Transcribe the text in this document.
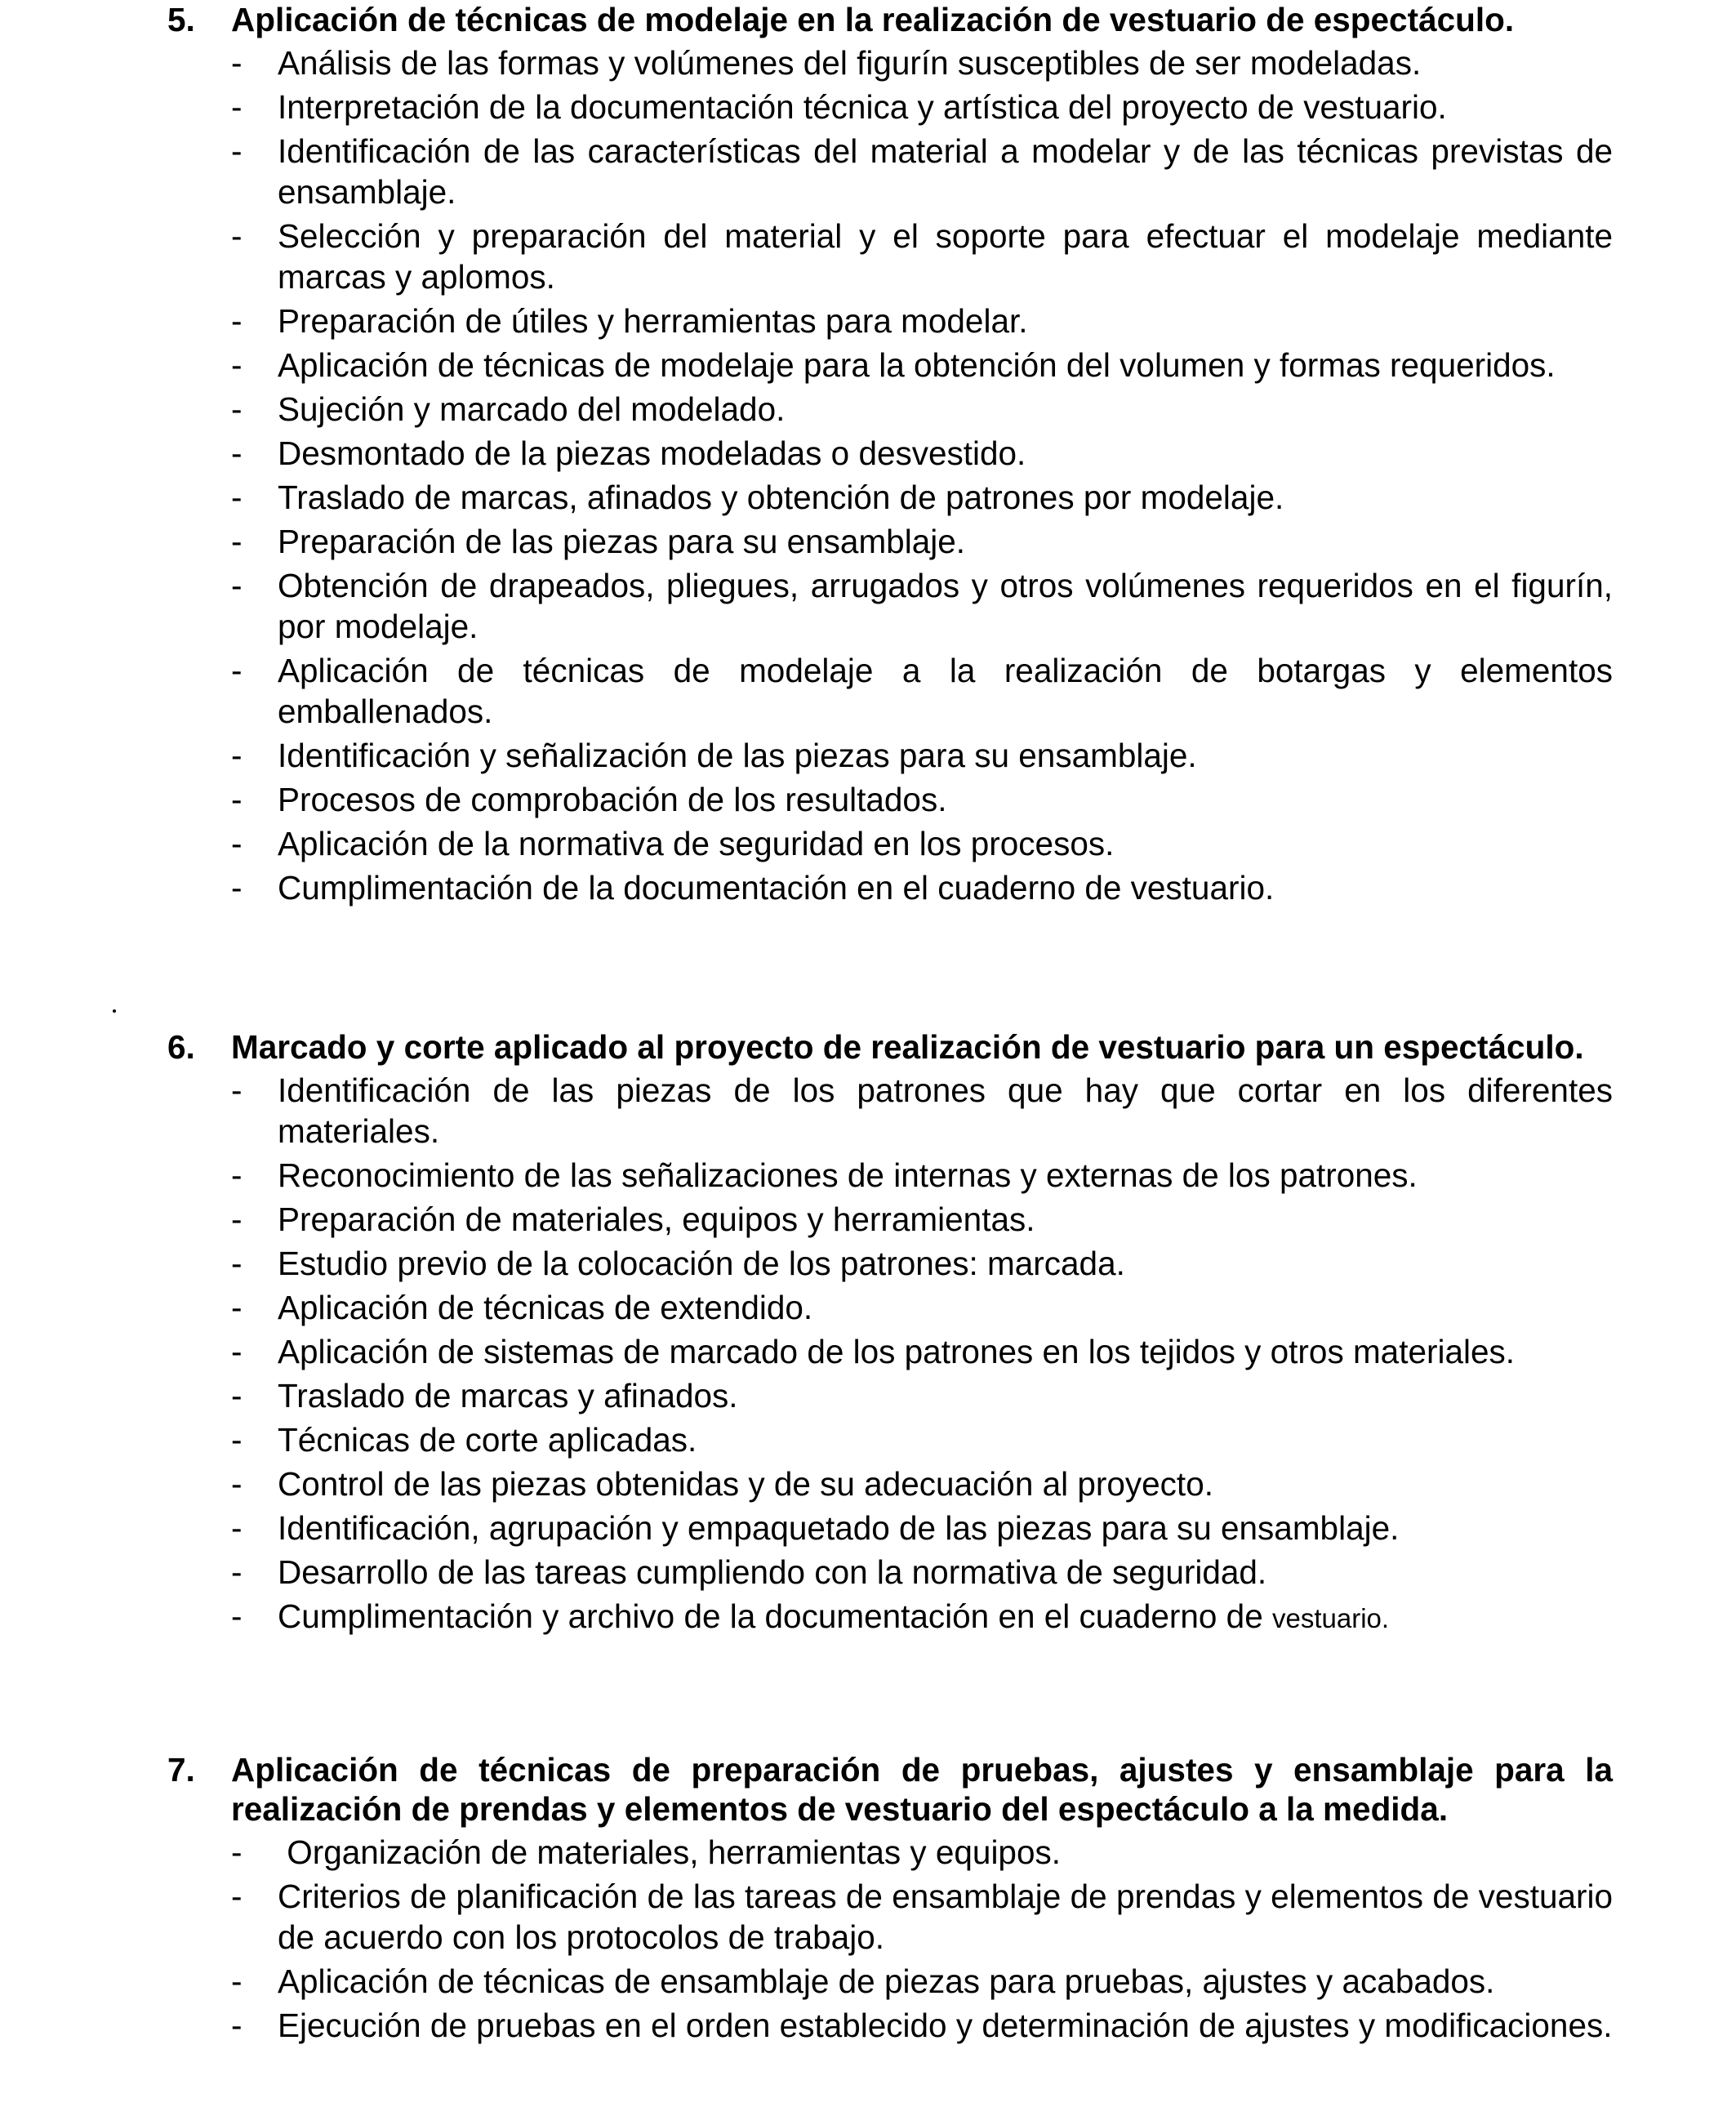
5. Aplicación de técnicas de modelaje en la realización de vestuario de espectáculo.
- Análisis de las formas y volúmenes del figurín susceptibles de ser modeladas.
- Interpretación de la documentación técnica y artística del proyecto de vestuario.
- Identificación de las características del material a modelar y de las técnicas previstas de ensamblaje.
- Selección y preparación del material y el soporte para efectuar el modelaje mediante marcas y aplomos.
- Preparación de útiles y herramientas para modelar.
- Aplicación de técnicas de modelaje para la obtención del volumen y formas requeridos.
- Sujeción y marcado del modelado.
- Desmontado de la piezas modeladas o desvestido.
- Traslado de marcas, afinados y obtención de patrones por modelaje.
- Preparación de las piezas para su ensamblaje.
- Obtención de drapeados, pliegues, arrugados y otros volúmenes requeridos en el figurín, por modelaje.
- Aplicación de técnicas de modelaje a la realización de botargas y elementos emballenados.
- Identificación y señalización de las piezas para su ensamblaje.
- Procesos de comprobación de los resultados.
- Aplicación de la normativa de seguridad en los procesos.
- Cumplimentación de la documentación en el cuaderno de vestuario.
6. Marcado y corte aplicado al proyecto de realización de vestuario para un espectáculo.
- Identificación de las piezas de los patrones que hay que cortar en los diferentes materiales.
- Reconocimiento de las señalizaciones de internas y externas de los patrones.
- Preparación de materiales, equipos y herramientas.
- Estudio previo de la colocación de los patrones: marcada.
- Aplicación de técnicas de extendido.
- Aplicación de sistemas de marcado de los patrones en los tejidos y otros materiales.
- Traslado de marcas y afinados.
- Técnicas de corte aplicadas.
- Control de las piezas obtenidas y de su adecuación al proyecto.
- Identificación, agrupación y empaquetado de las piezas para su ensamblaje.
- Desarrollo de las tareas cumpliendo con la normativa de seguridad.
- Cumplimentación y archivo de la documentación en el cuaderno de vestuario.
7. Aplicación de técnicas de preparación de pruebas, ajustes y ensamblaje para la realización de prendas y elementos de vestuario del espectáculo a la medida.
- Organización de materiales, herramientas y equipos.
- Criterios de planificación de las tareas de ensamblaje de prendas y elementos de vestuario de acuerdo con los protocolos de trabajo.
- Aplicación de técnicas de ensamblaje de piezas para pruebas, ajustes y acabados.
- Ejecución de pruebas en el orden establecido y determinación de ajustes y modificaciones.
